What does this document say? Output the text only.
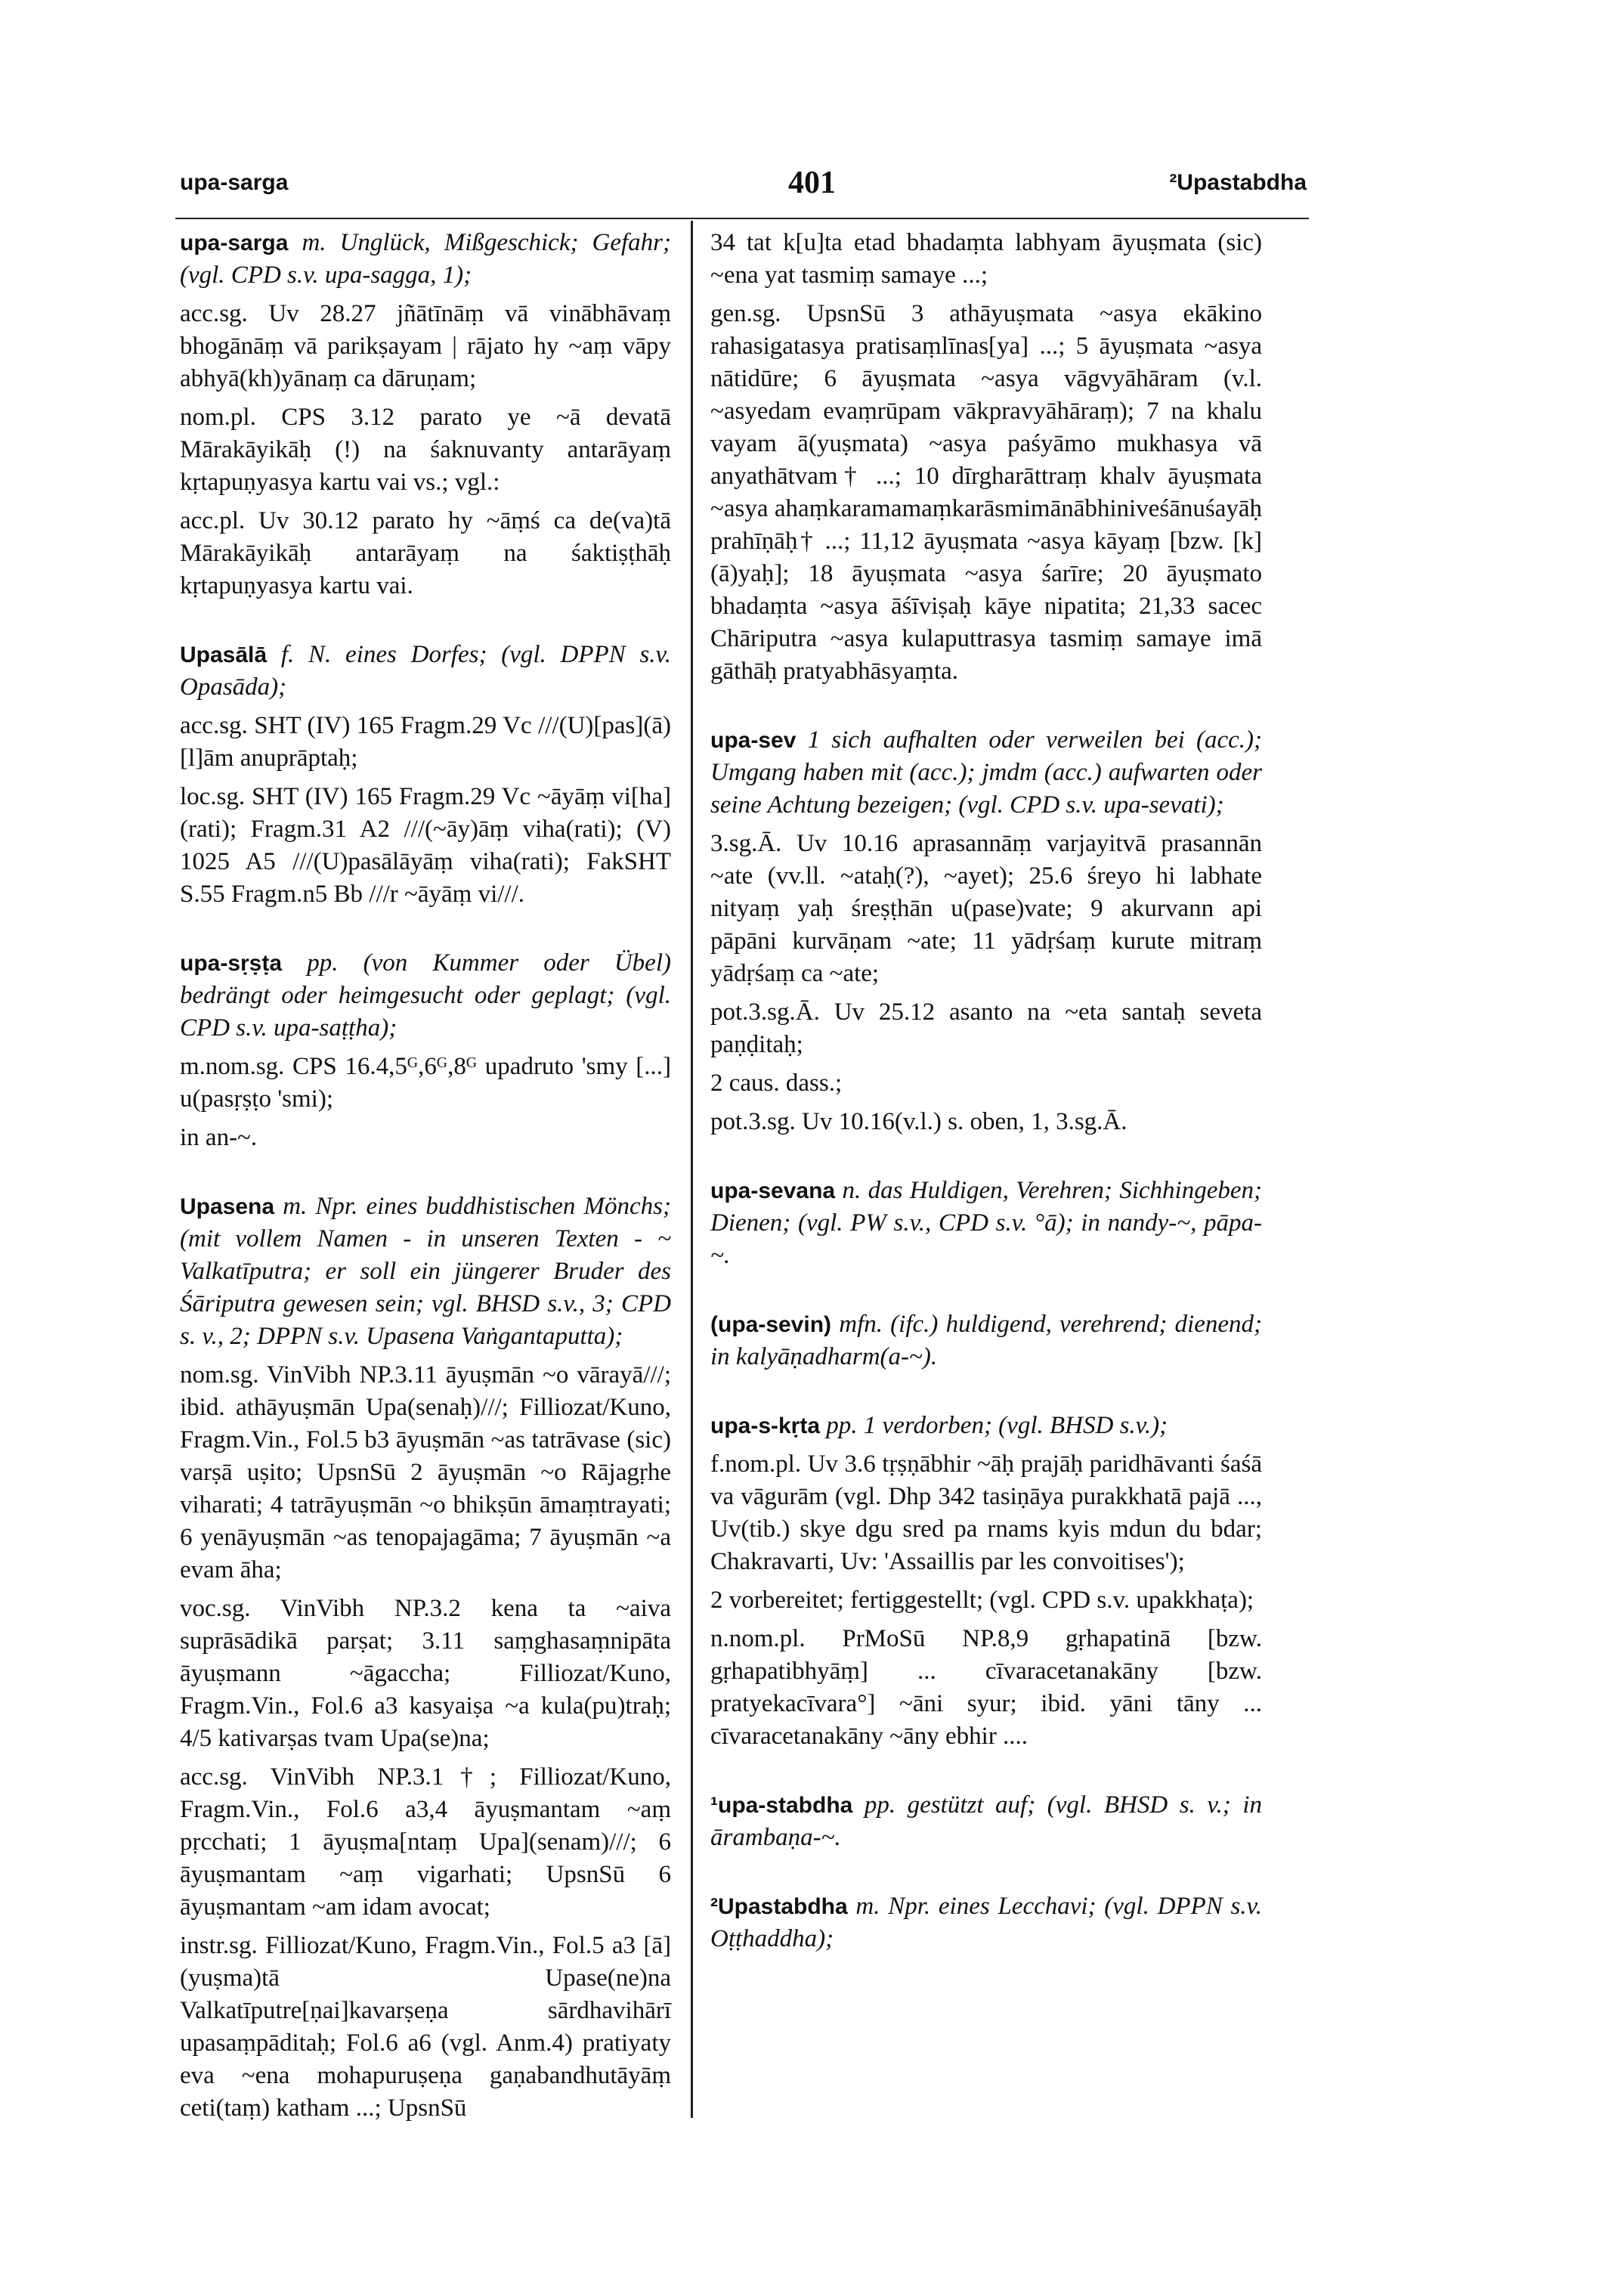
upa-sarga	401	²Upastabdha

upa-sarga m. Unglück, Mißgeschick; Gefahr; (vgl. CPD s.v. upa-sagga, 1);

acc.sg. Uv 28.27 jñātīnāṃ vā vinābhāvaṃ bhogānāṃ vā parikṣayam | rājato hy ~aṃ vāpy abhyā(kh)yānaṃ ca dāruṇam;

nom.pl. CPS 3.12 parato ye ~ā devatā Mārakāyikāḥ (!) na śaknuvanty antarāyaṃ kṛtapuṇyasya kartu vai vs.; vgl.:

acc.pl. Uv 30.12 parato hy ~āṃś ca de(va)tā Mārakāyikāḥ antarāyaṃ na śaktiṣṭhāḥ kṛtapuṇyasya kartu vai.

Upasālā f. N. eines Dorfes; (vgl. DPPN s.v. Opasāda);

acc.sg. SHT (IV) 165 Fragm.29 Vc ///(U)[pas](ā)[l]ām anuprāptaḥ;

loc.sg. SHT (IV) 165 Fragm.29 Vc ~āyāṃ vi[ha](rati); Fragm.31 A2 ///(~āy)āṃ viha(rati); (V) 1025 A5 ///(U)pasālāyāṃ viha(rati); FakSHT S.55 Fragm.n5 Bb ///r ~āyāṃ vi///.

upa-sṛṣṭa pp. (von Kummer oder Übel) bedrängt oder heimgesucht oder geplagt; (vgl. CPD s.v. upa-saṭṭha);

m.nom.sg. CPS 16.4,5ᴳ,6ᴳ,8ᴳ upadruto 'smy [...] u(pasṛṣṭo 'smi);

in an-~.

Upasena m. Npr. eines buddhistischen Mönchs; (mit vollem Namen - in unseren Texten - ~ Valkatīputra; er soll ein jüngerer Bruder des Śāriputra gewesen sein; vgl. BHSD s.v., 3; CPD s. v., 2; DPPN s.v. Upasena Vaṅgantaputta);

nom.sg. VinVibh NP.3.11 āyuṣmān ~o vārayā///; ibid. athāyuṣmān Upa(senaḥ)///; Filliozat/Kuno, Fragm.Vin., Fol.5 b3 āyuṣmān ~as tatrāvase (sic) varṣā uṣito; UpsnSū 2 āyuṣmān ~o Rājagṛhe viharati; 4 tatrāyuṣmān ~o bhikṣūn āmaṃtrayati; 6 yenāyuṣmān ~as tenopajagāma; 7 āyuṣmān ~a evam āha;

voc.sg. VinVibh NP.3.2 kena ta ~aiva suprāsādikā parṣat; 3.11 saṃghasaṃnipāta āyuṣmann ~āgaccha; Filliozat/Kuno, Fragm.Vin., Fol.6 a3 kasyaiṣa ~a kula(pu)traḥ; 4/5 kativarṣas tvam Upa(se)na;

acc.sg. VinVibh NP.3.1†; Filliozat/Kuno, Fragm.Vin., Fol.6 a3,4 āyuṣmantam ~aṃ pṛcchati; 1 āyuṣma[ntaṃ Upa](senam)///; 6 āyuṣmantam ~aṃ vigarhati; UpsnSū 6 āyuṣmantam ~am idam avocat;

instr.sg. Filliozat/Kuno, Fragm.Vin., Fol.5 a3 [ā](yuṣma)tā Upase(ne)na Valkatīputre[ṇai]kavarṣeṇa sārdhavihārī upasaṃpāditaḥ; Fol.6 a6 (vgl. Anm.4) pratiyaty eva ~ena mohapuruṣeṇa gaṇabandhutāyāṃ ceti(taṃ) katham ...; UpsnSū

34 tat k[u]ta etad bhadaṃta labhyam āyuṣmata (sic) ~ena yat tasmiṃ samaye ...;

gen.sg. UpsnSū 3 athāyuṣmata ~asya ekākino rahasigatasya pratisaṃlīnas[ya] ...; 5 āyuṣmata ~asya nātidūre; 6 āyuṣmata ~asya vāgvyāhāram (v.l. ~asyedam evaṃrūpam vākpravyāhāraṃ); 7 na khalu vayam ā(yuṣmata) ~asya paśyāmo mukhasya vā anyathātvam† ...; 10 dīrgharāttraṃ khalv āyuṣmata ~asya ahaṃkaramamaṃkarāsmimānābhiniveśānuśayāḥ prahīṇāḥ† ...; 11,12 āyuṣmata ~asya kāyaṃ [bzw. [k](ā)yaḥ]; 18 āyuṣmata ~asya śarīre; 20 āyuṣmato bhadaṃta ~asya āśīviṣaḥ kāye nipatita; 21,33 sacec Chāriputra ~asya kulaputtrasya tasmiṃ samaye imā gāthāḥ pratyabhāsyaṃta.

upa-sev 1 sich aufhalten oder verweilen bei (acc.); Umgang haben mit (acc.); jmdm (acc.) aufwarten oder seine Achtung bezeigen; (vgl. CPD s.v. upa-sevati);

3.sg.Ā. Uv 10.16 aprasannāṃ varjayitvā prasannān ~ate (vv.ll. ~ataḥ(?), ~ayet); 25.6 śreyo hi labhate nityaṃ yaḥ śreṣṭhān u(pase)vate; 9 akurvann api pāpāni kurvāṇam ~ate; 11 yādṛśaṃ kurute mitraṃ yādṛśaṃ ca ~ate;

pot.3.sg.Ā. Uv 25.12 asanto na ~eta santaḥ seveta paṇḍitaḥ;

2 caus. dass.;

pot.3.sg. Uv 10.16(v.l.) s. oben, 1, 3.sg.Ā.

upa-sevana n. das Huldigen, Verehren; Sichhingeben; Dienen; (vgl. PW s.v., CPD s.v. °ā); in nandy-~, pāpa-~.

(upa-sevin) mfn. (ifc.) huldigend, verehrend; dienend; in kalyāṇadharm(a-~).

upa-s-kṛta pp. 1 verdorben; (vgl. BHSD s.v.);

f.nom.pl. Uv 3.6 tṛṣṇābhir ~āḥ prajāḥ paridhāvanti śaśā va vāgurām (vgl. Dhp 342 tasiṇāya purakkhatā pajā ..., Uv(tib.) skye dgu sred pa rnams kyis mdun du bdar; Chakravarti, Uv: 'Assaillis par les convoitises');

2 vorbereitet; fertiggestellt; (vgl. CPD s.v. upakkhaṭa);

n.nom.pl. PrMoSū NP.8,9 gṛhapatinā [bzw. gṛhapatibhyāṃ] ... cīvaracetanakāny [bzw. pratyekacīvara°] ~āni syur; ibid. yāni tāny ... cīvaracetanakāny ~āny ebhir ....

¹upa-stabdha pp. gestützt auf; (vgl. BHSD s. v.; in ārambaṇa-~.

²Upastabdha m. Npr. eines Lecchavi; (vgl. DPPN s.v. Oṭṭhaddha);
